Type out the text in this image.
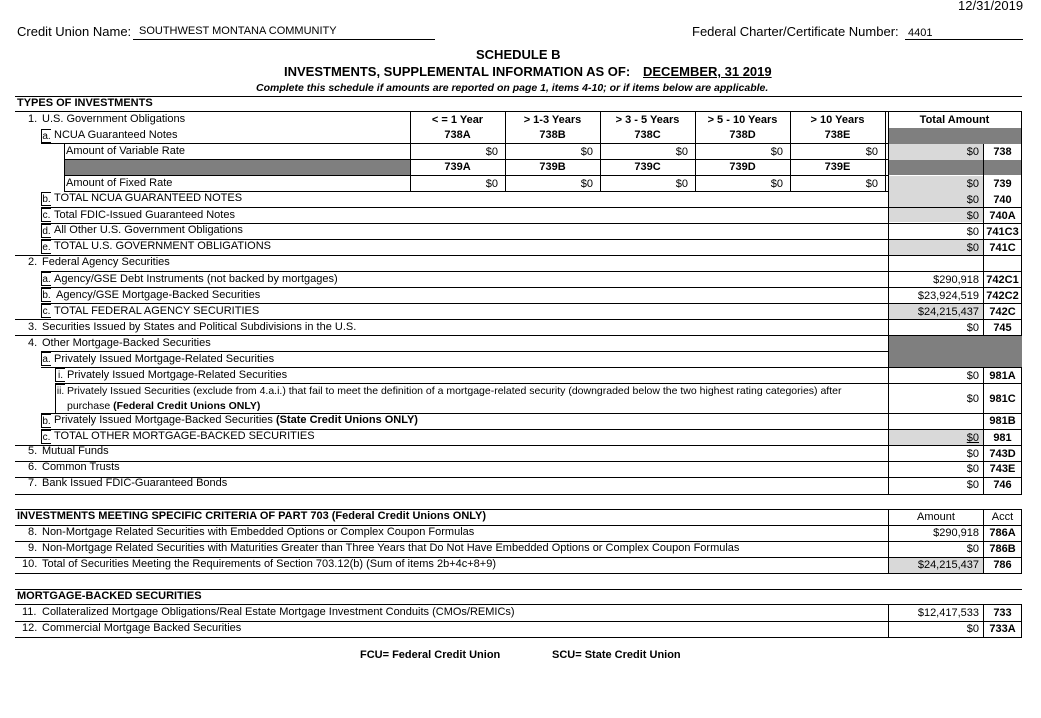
12/31/2019
Credit Union Name: SOUTHWEST MONTANA COMMUNITY	Federal Charter/Certificate Number: 4401
SCHEDULE B
INVESTMENTS, SUPPLEMENTAL INFORMATION AS OF: DECEMBER, 31 2019
Complete this schedule if amounts are reported on page 1, items 4-10; or if items below are applicable.
TYPES OF INVESTMENTS
< = 1 Year	> 1-3 Years	> 3 - 5 Years	> 5 - 10 Years	> 10 Years	Total Amount
738A	738B	738C	738D	738E
1. U.S. Government Obligations
a. NCUA Guaranteed Notes
Amount of Variable Rate	$0	$0	$0	$0	$0	$0	738
739A	739B	739C	739D	739E
Amount of Fixed Rate	$0	$0	$0	$0	$0	$0	739
b. TOTAL NCUA GUARANTEED NOTES	$0	740
c. Total FDIC-Issued Guaranteed Notes	$0 740A
d. All Other U.S. Government Obligations	$0 741C3
e. TOTAL U.S. GOVERNMENT OBLIGATIONS	$0 741C
2. Federal Agency Securities
a. Agency/GSE Debt Instruments (not backed by mortgages)	$290,918 742C1
b. Agency/GSE Mortgage-Backed Securities	$23,924,519 742C2
c. TOTAL FEDERAL AGENCY SECURITIES	$24,215,437 742C
3. Securities Issued by States and Political Subdivisions in the U.S.	$0	745
4. Other Mortgage-Backed Securities
a. Privately Issued Mortgage-Related Securities
i. Privately Issued Mortgage-Related Securities	$0 981A
ii. Privately Issued Securities (exclude from 4.a.i.) that fail to meet the definition of a mortgage-related security (downgraded below the two highest rating categories) after
purchase (Federal Credit Unions ONLY)
$0 981C
b. Privately Issued Mortgage-Backed Securities (State Credit Unions ONLY)	981B
c. TOTAL OTHER MORTGAGE-BACKED SECURITIES	$0	981
5. Mutual Funds	$0 743D
6. Common Trusts	$0 743E
7. Bank Issued FDIC-Guaranteed Bonds	$0	746
INVESTMENTS MEETING SPECIFIC CRITERIA OF PART 703 (Federal Credit Unions ONLY)	Amount	Acct
8. Non-Mortgage Related Securities with Embedded Options or Complex Coupon Formulas	$290,918 786A
9. Non-Mortgage Related Securities with Maturities Greater than Three Years that Do Not Have Embedded Options or Complex Coupon Formulas	$0 786B
10. Total of Securities Meeting the Requirements of Section 703.12(b) (Sum of items 2b+4c+8+9)	$24,215,437	786
MORTGAGE-BACKED SECURITIES
11. Collateralized Mortgage Obligations/Real Estate Mortgage Investment Conduits (CMOs/REMICs)	$12,417,533	733
12. Commercial Mortgage Backed Securities	$0 733A
FCU= Federal Credit Union	SCU= State Credit Union
